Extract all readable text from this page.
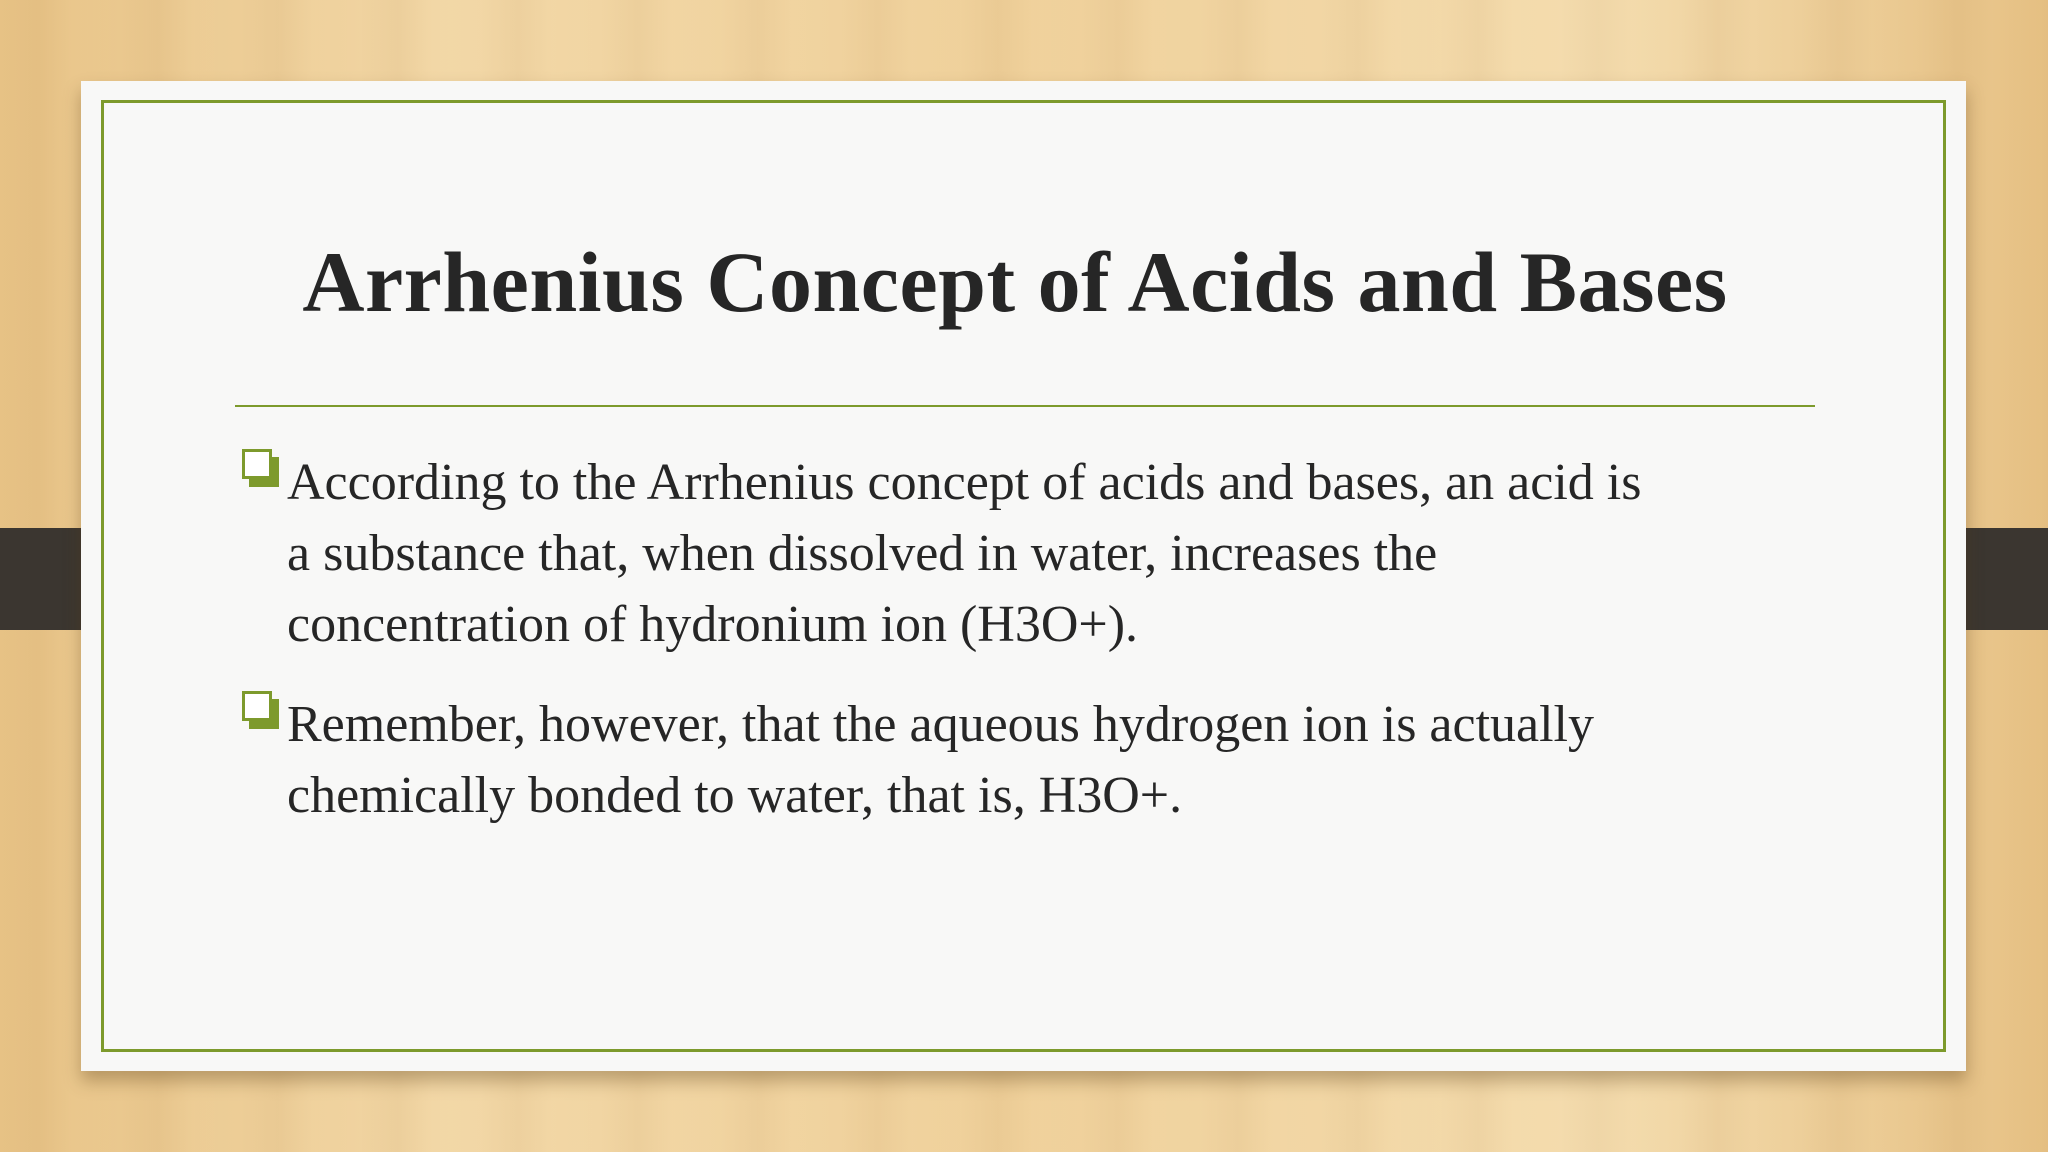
Arrhenius Concept of Acids and Bases
According to the Arrhenius concept of acids and bases, an acid is
a substance that, when dissolved in water, increases the
concentration of hydronium ion (H3O+).
Remember, however, that the aqueous hydrogen ion is actually
chemically bonded to water, that is, H3O+.
